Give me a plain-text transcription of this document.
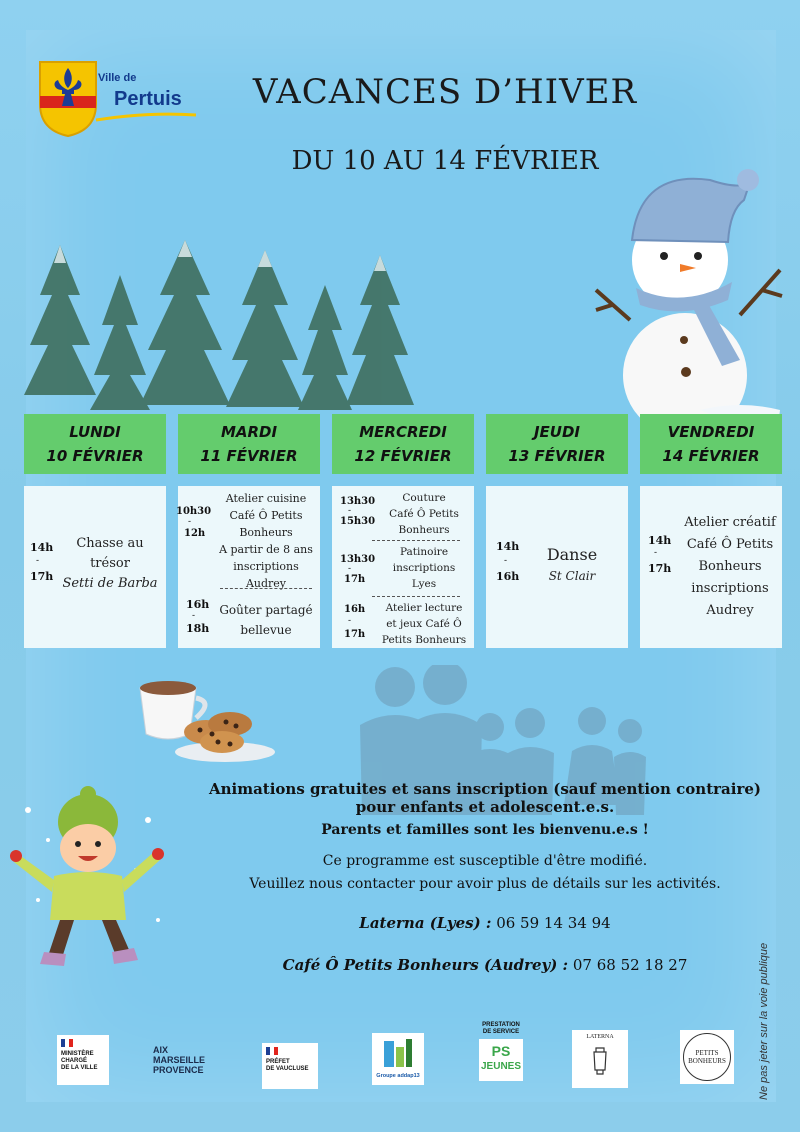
Ville de
Pertuis	VACANCES D’HIVER
DU 10 AU 14 FÉVRIER
LUNDI
10 FÉVRIER
MARDI
11 FÉVRIER
MERCREDI
12 FÉVRIER
JEUDI
13 FÉVRIER
VENDREDI
14 FÉVRIER
14h
-
17h
Chasse au
trésor
Setti de Barba
10h30
-
12h
Atelier cuisine
Café Ô Petits
Bonheurs
A partir de 8 ans
inscriptions Audrey
16h
-
18h
Goûter partagé
bellevue
13h30
-
15h30
Couture
Café Ô Petits
Bonheurs
13h30
-
17h
Patinoire
inscriptions
Lyes
16h
-
17h
Atelier lecture
et jeux Café Ô
Petits Bonheurs
14h
-
16h
Danse
St Clair
14h
-
17h
Atelier créatif
Café Ô Petits
Bonheurs
inscriptions
Audrey
Animations gratuites et sans inscription (sauf mention contraire)
pour enfants et adolescent.e.s.
Parents et familles sont les bienvenu.e.s !
Ce programme est susceptible d'être modifié.
Veuillez nous contacter pour avoir plus de détails sur les activités.
Laterna (Lyes) : 06 59 14 34 94
Café Ô Petits Bonheurs (Audrey) : 07 68 52 18 27
MINISTÈRE
CHARGÉ
DE LA VILLE
AIX
MARSEILLE
PROVENCE
PRÉFET
DE VAUCLUSE
Groupe addap13
PRESTATION
DE SERVICE
PS
JEUNES
LATERNA
PETITS BONHEURS	Ne pas jeter sur la voie publique
